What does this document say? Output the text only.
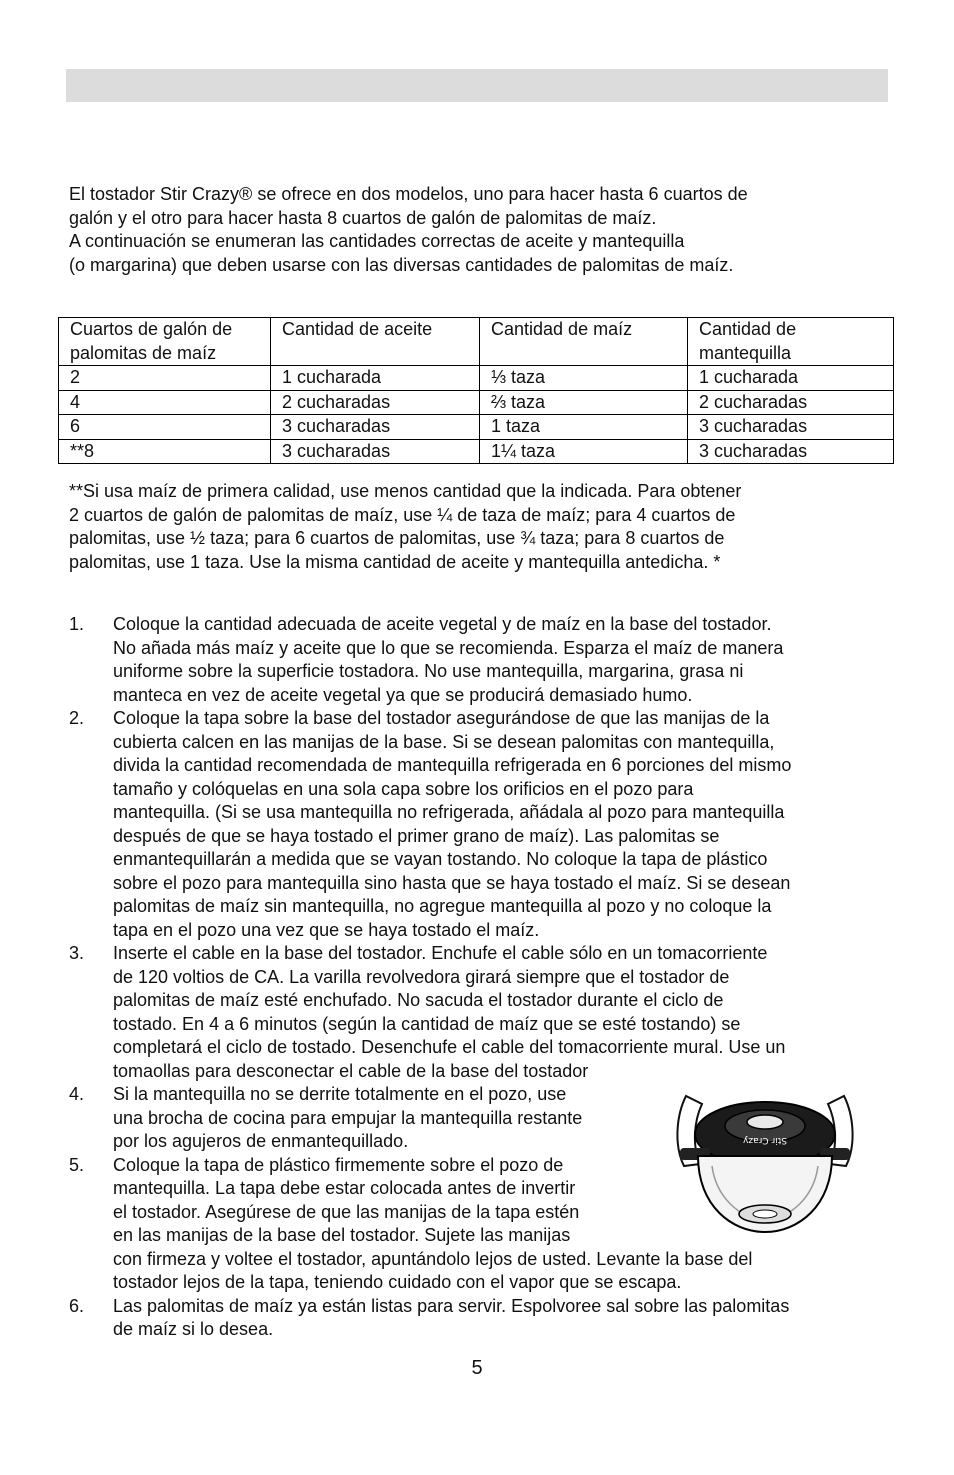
El tostador Stir Crazy® se ofrece en dos modelos, uno para hacer hasta 6 cuartos de

galón y el otro para hacer hasta 8 cuartos de galón de palomitas de maíz.

A continuación se enumeran las cantidades correctas de aceite y mantequilla

(o margarina) que deben usarse con las diversas cantidades de palomitas de maíz.

Cuartos de galón de palomitas de maíz	Cantidad de aceite	Cantidad de maíz	Cantidad de mantequilla
2	1 cucharada	⅓ taza	1 cucharada
4	2 cucharadas	⅔ taza	2 cucharadas
6	3 cucharadas	1 taza	3 cucharadas
**8	3 cucharadas	1¼ taza	3 cucharadas

**Si usa maíz de primera calidad, use menos cantidad que la indicada. Para obtener

2 cuartos de galón de palomitas de maíz, use ¼ de taza de maíz; para 4 cuartos de

palomitas, use ½ taza; para 6 cuartos de palomitas, use ¾ taza; para 8 cuartos de

palomitas, use 1 taza. Use la misma cantidad de aceite y mantequilla antedicha. *

1. Coloque la cantidad adecuada de aceite vegetal y de maíz en la base del tostador.

No añada más maíz y aceite que lo que se recomienda. Esparza el maíz de manera

uniforme sobre la superficie tostadora. No use mantequilla, margarina, grasa ni

manteca en vez de aceite vegetal ya que se producirá demasiado humo.

2. Coloque la tapa sobre la base del tostador asegurándose de que las manijas de la

cubierta calcen en las manijas de la base. Si se desean palomitas con mantequilla,

divida la cantidad recomendada de mantequilla refrigerada en 6 porciones del mismo

tamaño y colóquelas en una sola capa sobre los orificios en el pozo para

mantequilla. (Si se usa mantequilla no refrigerada, añádala al pozo para mantequilla

después de que se haya tostado el primer grano de maíz). Las palomitas se

enmantequillarán a medida que se vayan tostando. No coloque la tapa de plástico

sobre el pozo para mantequilla sino hasta que se haya tostado el maíz. Si se desean

palomitas de maíz sin mantequilla, no agregue mantequilla al pozo y no coloque la

tapa en el pozo una vez que se haya tostado el maíz.

3. Inserte el cable en la base del tostador. Enchufe el cable sólo en un tomacorriente

de 120 voltios de CA. La varilla revolvedora girará siempre que el tostador de

palomitas de maíz esté enchufado. No sacuda el tostador durante el ciclo de

tostado. En 4 a 6 minutos (según la cantidad de maíz que se esté tostando) se

completará el ciclo de tostado. Desenchufe el cable del tomacorriente mural. Use un

tomaollas para desconectar el cable de la base del tostador

4. Si la mantequilla no se derrite totalmente en el pozo, use

una brocha de cocina para empujar la mantequilla restante

por los agujeros de enmantequillado.

5. Coloque la tapa de plástico firmemente sobre el pozo de

mantequilla. La tapa debe estar colocada antes de invertir

el tostador. Asegúrese de que las manijas de la tapa estén

en las manijas de la base del tostador. Sujete las manijas

con firmeza y voltee el tostador, apuntándolo lejos de usted. Levante la base del

tostador lejos de la tapa, teniendo cuidado con el vapor que se escapa.

6. Las palomitas de maíz ya están listas para servir. Espolvoree sal sobre las palomitas

de maíz si lo desea.

Stir Crazy
5
